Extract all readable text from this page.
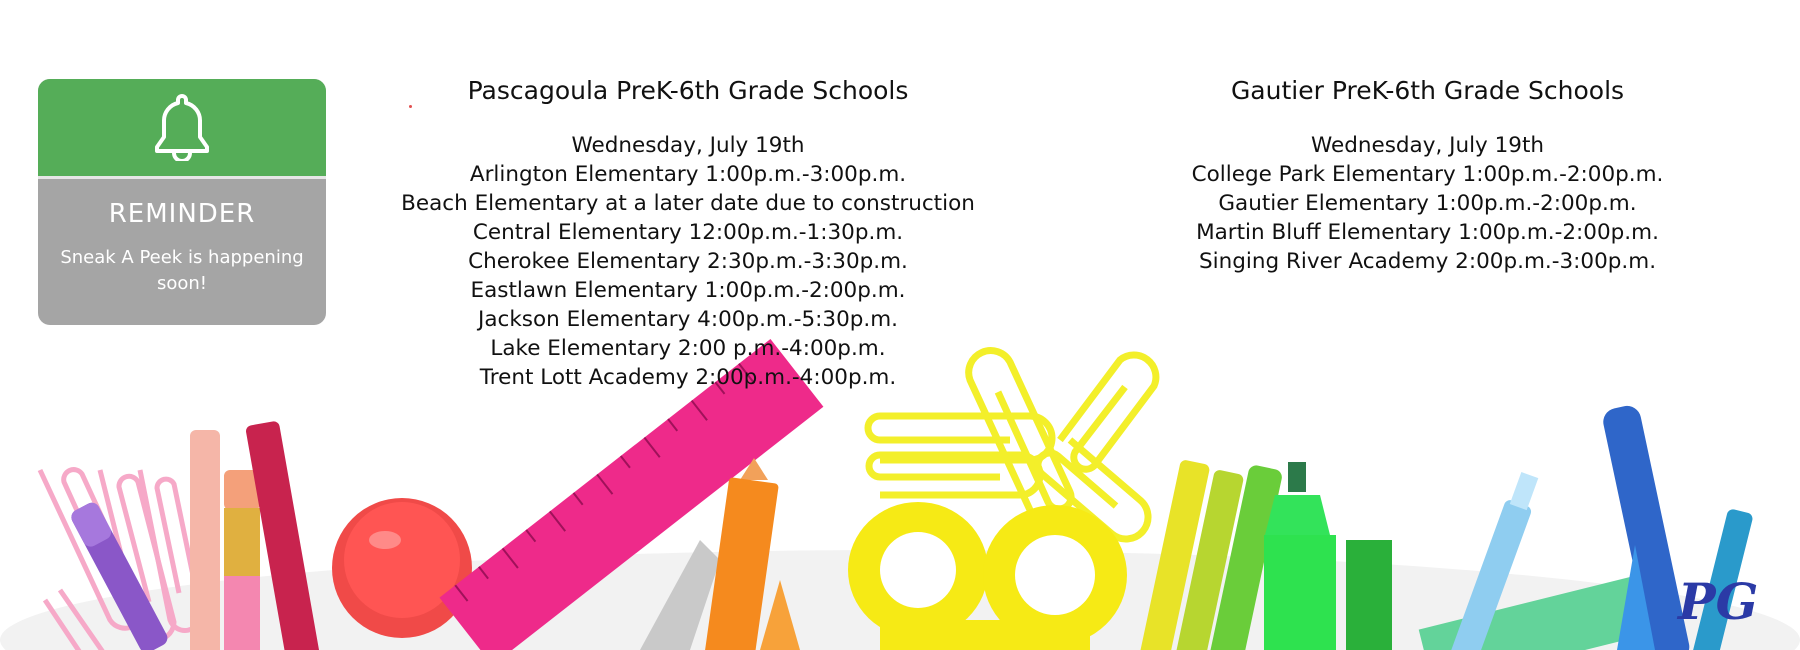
REMINDER
Sneak A Peek is happening soon!
Pascagoula PreK-6th Grade Schools
Wednesday, July 19th
Arlington Elementary 1:00p.m.-3:00p.m.
Beach Elementary at a later date due to construction
Central Elementary 12:00p.m.-1:30p.m.
Cherokee Elementary 2:30p.m.-3:30p.m.
Eastlawn Elementary 1:00p.m.-2:00p.m.
Jackson Elementary 4:00p.m.-5:30p.m.
Lake Elementary 2:00 p.m.-4:00p.m.
Trent Lott Academy 2:00p.m.-4:00p.m.
Gautier PreK-6th Grade Schools
Wednesday, July 19th
College Park Elementary 1:00p.m.-2:00p.m.
Gautier Elementary 1:00p.m.-2:00p.m.
Martin Bluff Elementary 1:00p.m.-2:00p.m.
Singing River Academy 2:00p.m.-3:00p.m.
PG
